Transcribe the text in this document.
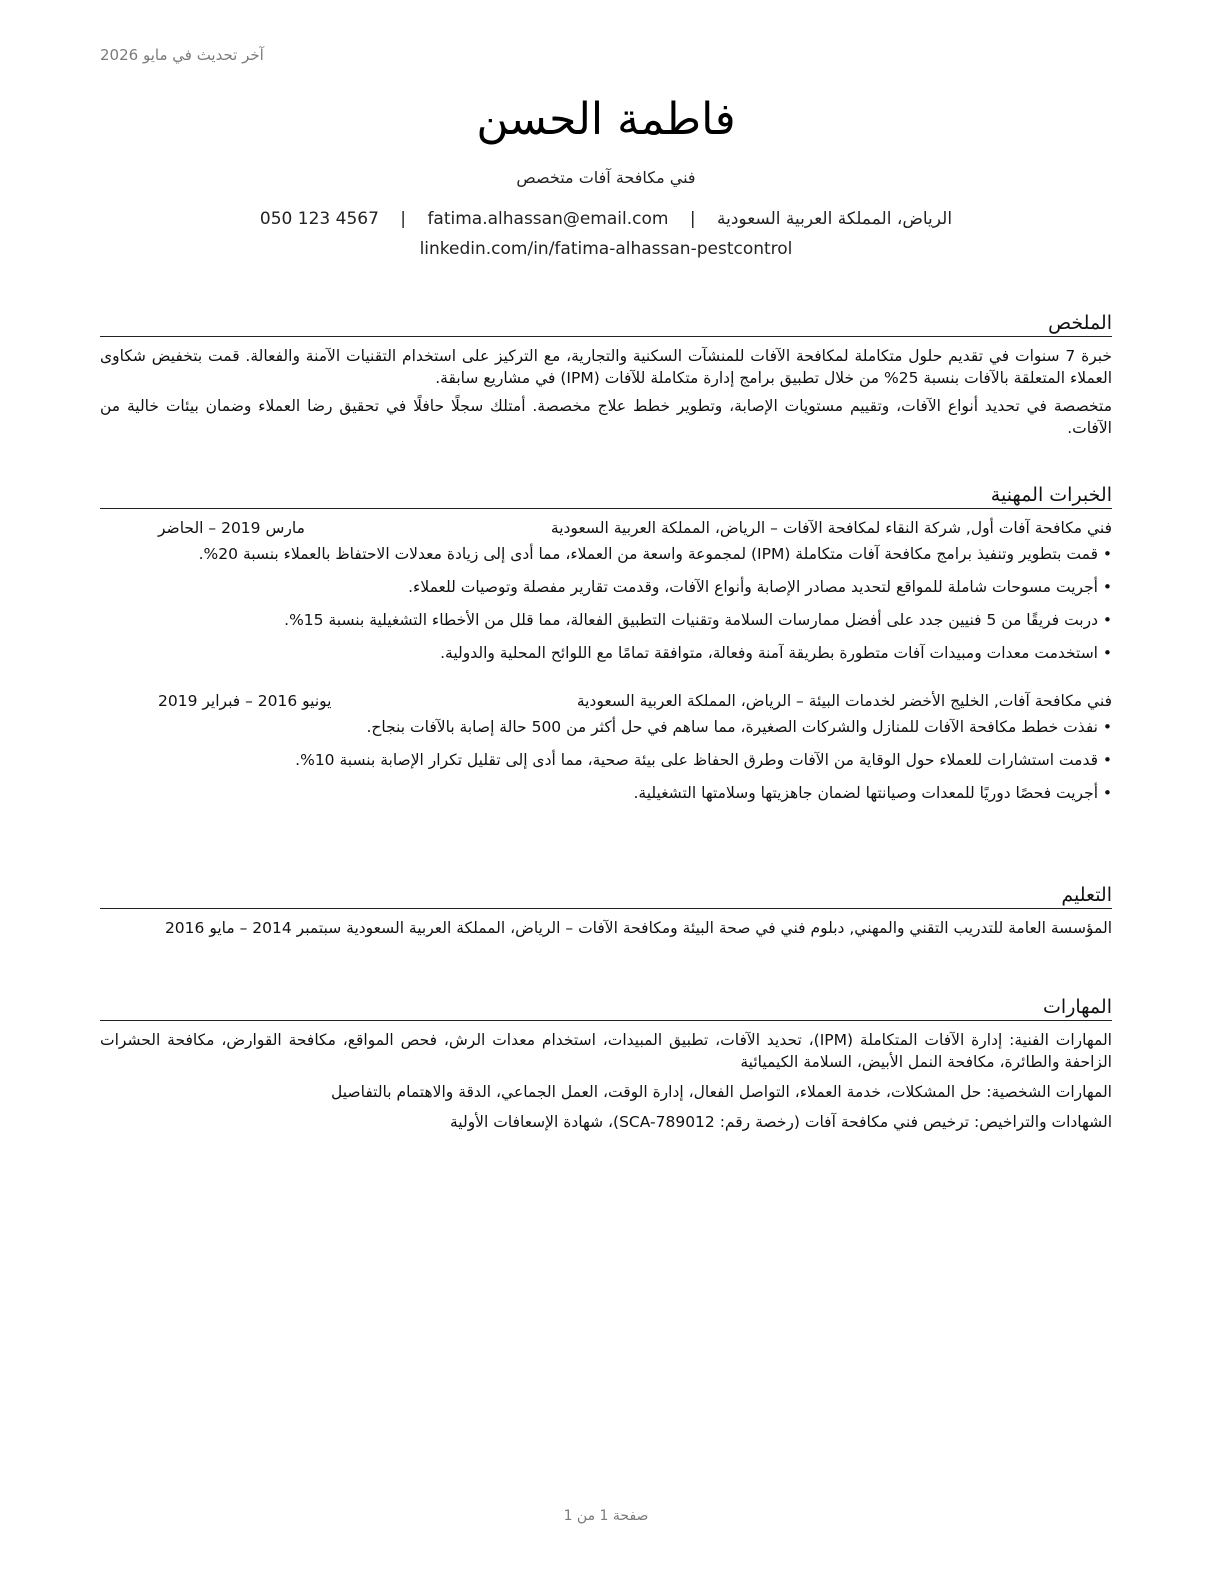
آخر تحديث في مايو 2026
فاطمة الحسن
فني مكافحة آفات متخصص
الرياض، المملكة العربية السعودية | fatima.alhassan@email.com | 050 123 4567
linkedin.com/in/fatima-alhassan-pestcontrol
الملخص

خبرة 7 سنوات في تقديم حلول متكاملة لمكافحة الآفات للمنشآت السكنية والتجارية، مع التركيز على استخدام التقنيات الآمنة والفعالة. قمت بتخفيض شكاوى العملاء المتعلقة بالآفات بنسبة 25% من خلال تطبيق برامج إدارة متكاملة للآفات (IPM) في مشاريع سابقة.

متخصصة في تحديد أنواع الآفات، وتقييم مستويات الإصابة، وتطوير خطط علاج مخصصة. أمتلك سجلًا حافلًا في تحقيق رضا العملاء وضمان بيئات خالية من الآفات.

الخبرات المهنية
فني مكافحة آفات أول, شركة النقاء لمكافحة الآفات – الرياض، المملكة العربية السعودية
مارس 2019 – الحاضر
• قمت بتطوير وتنفيذ برامج مكافحة آفات متكاملة (IPM) لمجموعة واسعة من العملاء، مما أدى إلى زيادة معدلات الاحتفاظ بالعملاء بنسبة 20%.
• أجريت مسوحات شاملة للمواقع لتحديد مصادر الإصابة وأنواع الآفات، وقدمت تقارير مفصلة وتوصيات للعملاء.
• دربت فريقًا من 5 فنيين جدد على أفضل ممارسات السلامة وتقنيات التطبيق الفعالة، مما قلل من الأخطاء التشغيلية بنسبة 15%.
• استخدمت معدات ومبيدات آفات متطورة بطريقة آمنة وفعالة، متوافقة تمامًا مع اللوائح المحلية والدولية.
فني مكافحة آفات, الخليج الأخضر لخدمات البيئة – الرياض، المملكة العربية السعودية
يونيو 2016 – فبراير 2019
• نفذت خطط مكافحة الآفات للمنازل والشركات الصغيرة، مما ساهم في حل أكثر من 500 حالة إصابة بالآفات بنجاح.
• قدمت استشارات للعملاء حول الوقاية من الآفات وطرق الحفاظ على بيئة صحية، مما أدى إلى تقليل تكرار الإصابة بنسبة 10%.
• أجريت فحصًا دوريًا للمعدات وصيانتها لضمان جاهزيتها وسلامتها التشغيلية.
التعليم
المؤسسة العامة للتدريب التقني والمهني, دبلوم فني في صحة البيئة ومكافحة الآفات – الرياض، المملكة العربية السعودية سبتمبر 2014 – مايو 2016
المهارات
المهارات الفنية: إدارة الآفات المتكاملة (IPM)، تحديد الآفات، تطبيق المبيدات، استخدام معدات الرش، فحص المواقع، مكافحة القوارض، مكافحة الحشرات الزاحفة والطائرة، مكافحة النمل الأبيض، السلامة الكيميائية
المهارات الشخصية: حل المشكلات، خدمة العملاء، التواصل الفعال، إدارة الوقت، العمل الجماعي، الدقة والاهتمام بالتفاصيل
الشهادات والتراخيص: ترخيص فني مكافحة آفات (رخصة رقم: SCA-789012)، شهادة الإسعافات الأولية
صفحة 1 من 1
